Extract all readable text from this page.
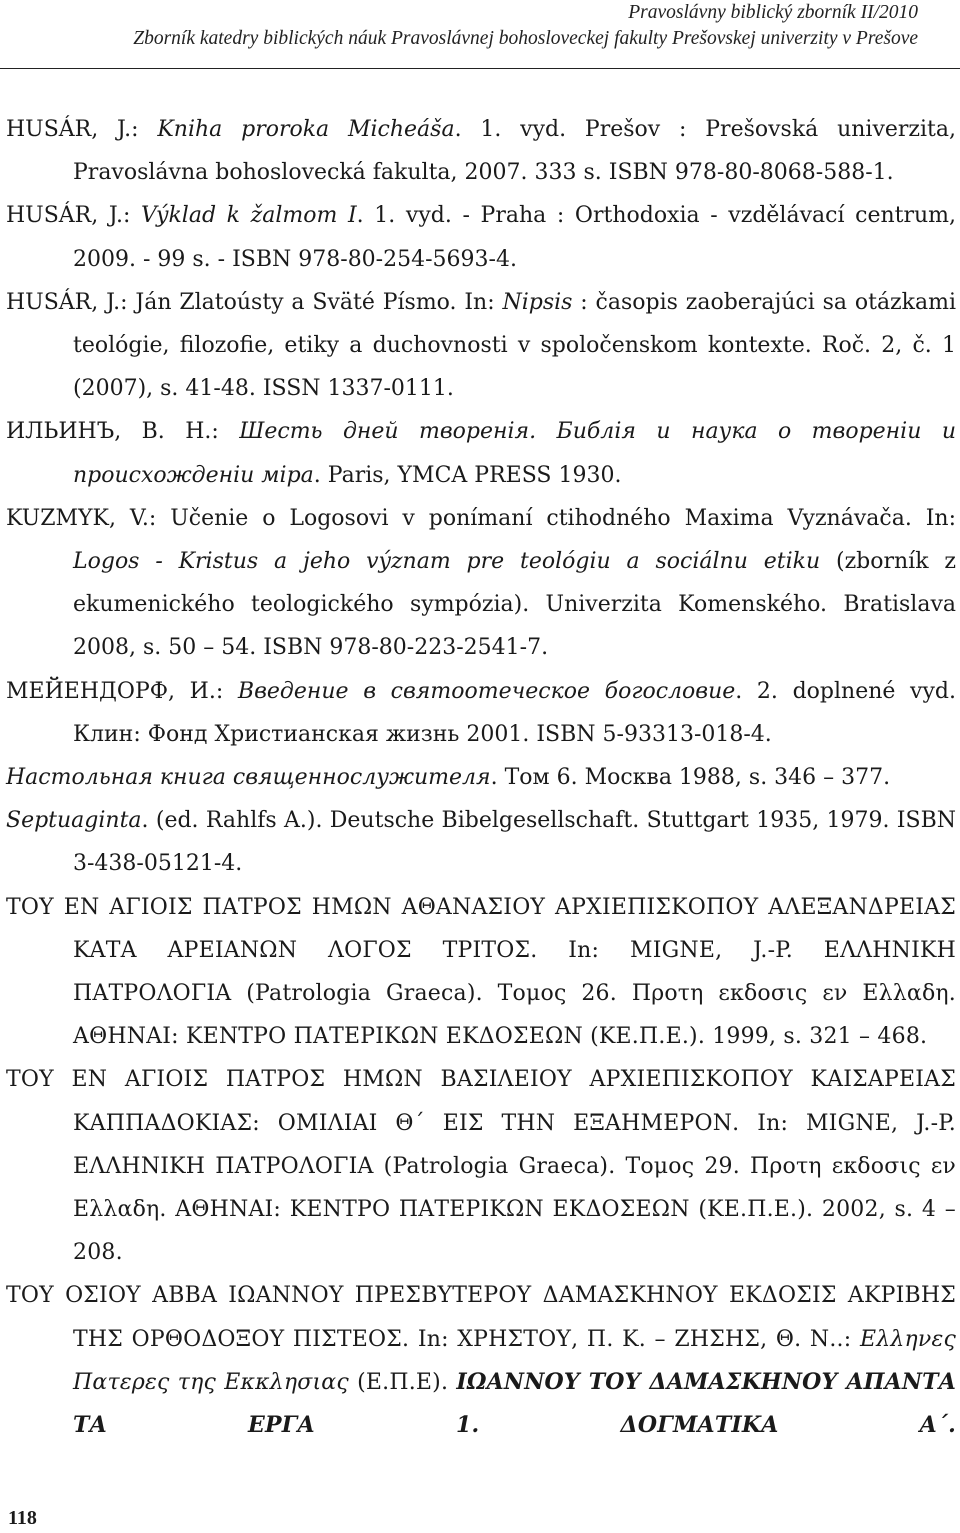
Pravoslávny biblický zborník II/2010
Zborník katedry biblických náuk Pravoslávnej bohosloveckej fakulty Prešovskej univerzity v Prešove
HUSÁR, J.: Kniha proroka Micheáša. 1. vyd. Prešov : Prešovská univerzita, Pravoslávna bohoslovecká fakulta, 2007. 333 s. ISBN 978-80-8068-588-1.
HUSÁR, J.: Výklad k žalmom I. 1. vyd. - Praha : Orthodoxia - vzdělávací centrum, 2009. - 99 s. - ISBN 978-80-254-5693-4.
HUSÁR, J.: Ján Zlatoústy a Sväté Písmo. In: Nipsis : časopis zaoberajúci sa otázkami teológie, filozofie, etiky a duchovnosti v spoločenskom kontexte. Roč. 2, č. 1 (2007), s. 41-48. ISSN 1337-0111.
ИЛЬИНЪ, В. Н.: Шесть дней творенія. Библія и наука о твореніи и происхожденіи міра. Paris, YMCA PRESS 1930.
KUZMYK, V.: Učenie o Logosovi v ponímaní ctihodného Maxima Vyznávača. In: Logos - Kristus a jeho význam pre teológiu a sociálnu etiku (zborník z ekumenického teologického sympózia). Univerzita Komenského. Bratislava 2008, s. 50 – 54. ISBN 978-80-223-2541-7.
МЕЙЕНДОРФ, И.: Введение в святоотеческое богословие. 2. doplnené vyd. Клин: Фонд Христианская жизнь 2001. ISBN 5-93313-018-4.
Настольная книга священнослужителя. Том 6. Москва 1988, s. 346 – 377.
Septuaginta. (ed. Rahlfs A.). Deutsche Bibelgesellschaft. Stuttgart 1935, 1979. ISBN 3-438-05121-4.
ΤΟΥ ΕΝ ΑΓΙΟΙΣ ΠΑΤΡΟΣ ΗΜΩΝ ΑΘΑΝΑΣΙΟΥ ΑΡΧΙΕΠΙΣΚΟΠΟΥ ΑΛΕΞΑΝΔΡΕΙΑΣ ΚΑΤΑ ΑΡΕΙΑΝΩΝ ΛΟΓΟΣ ΤΡΙΤΟΣ. In: MIGNE, J.-P. ΕΛΛΗΝΙΚΗ ΠΑΤΡΟΛΟΓΙΑ (Patrologia Graeca). Τομος 26. Προτη εκδοσις εν Ελλαδη. ΑΘΗΝΑΙ: ΚΕΝΤΡΟ ΠΑΤΕΡΙΚΩΝ ΕΚΔΟΣΕΩΝ (ΚΕ.Π.Ε.). 1999, s. 321 – 468.
ΤΟΥ ΕΝ ΑΓΙΟΙΣ ΠΑΤΡΟΣ ΗΜΩΝ ΒΑΣΙΛΕΙΟΥ ΑΡΧΙΕΠΙΣΚΟΠΟΥ ΚΑΙΣΑΡΕΙΑΣ ΚΑΠΠΑΔΟΚΙΑΣ: ΟΜΙΛΙΑΙ Θ΄ ΕΙΣ ΤΗΝ ΕΞΑΗΜΕΡΟΝ. In: MIGNE, J.-P. ΕΛΛΗΝΙΚΗ ΠΑΤΡΟΛΟΓΙΑ (Patrologia Graeca). Τομος 29. Προτη εκδοσις εν Ελλαδη. ΑΘΗΝΑΙ: ΚΕΝΤΡΟ ΠΑΤΕΡΙΚΩΝ ΕΚΔΟΣΕΩΝ (ΚΕ.Π.Ε.). 2002, s. 4 – 208.
ΤΟΥ ΟΣΙΟΥ ΑΒΒΑ ΙΩΑΝΝΟΥ ΠΡΕΣΒΥΤΕΡΟΥ ΔΑΜΑΣΚΗΝΟΥ ΕΚΔΟΣΙΣ ΑΚΡΙΒΗΣ ΤΗΣ ΟΡΘΟΔΟΞΟΥ ΠΙΣΤΕΟΣ. In: ΧΡΗΣΤΟΥ, Π. Κ. – ΖΗΣΗΣ, Θ. Ν..: Ελληνες Πατερες της Εκκλησιας (Ε.Π.Ε). ΙΩΑΝΝΟΥ ΤΟΥ ΔΑΜΑΣΚΗΝΟΥ ΑΠΑΝΤΑ ΤΑ ΕΡΓΑ 1. ΔΟΓΜΑΤΙΚΑ Α΄.
118
